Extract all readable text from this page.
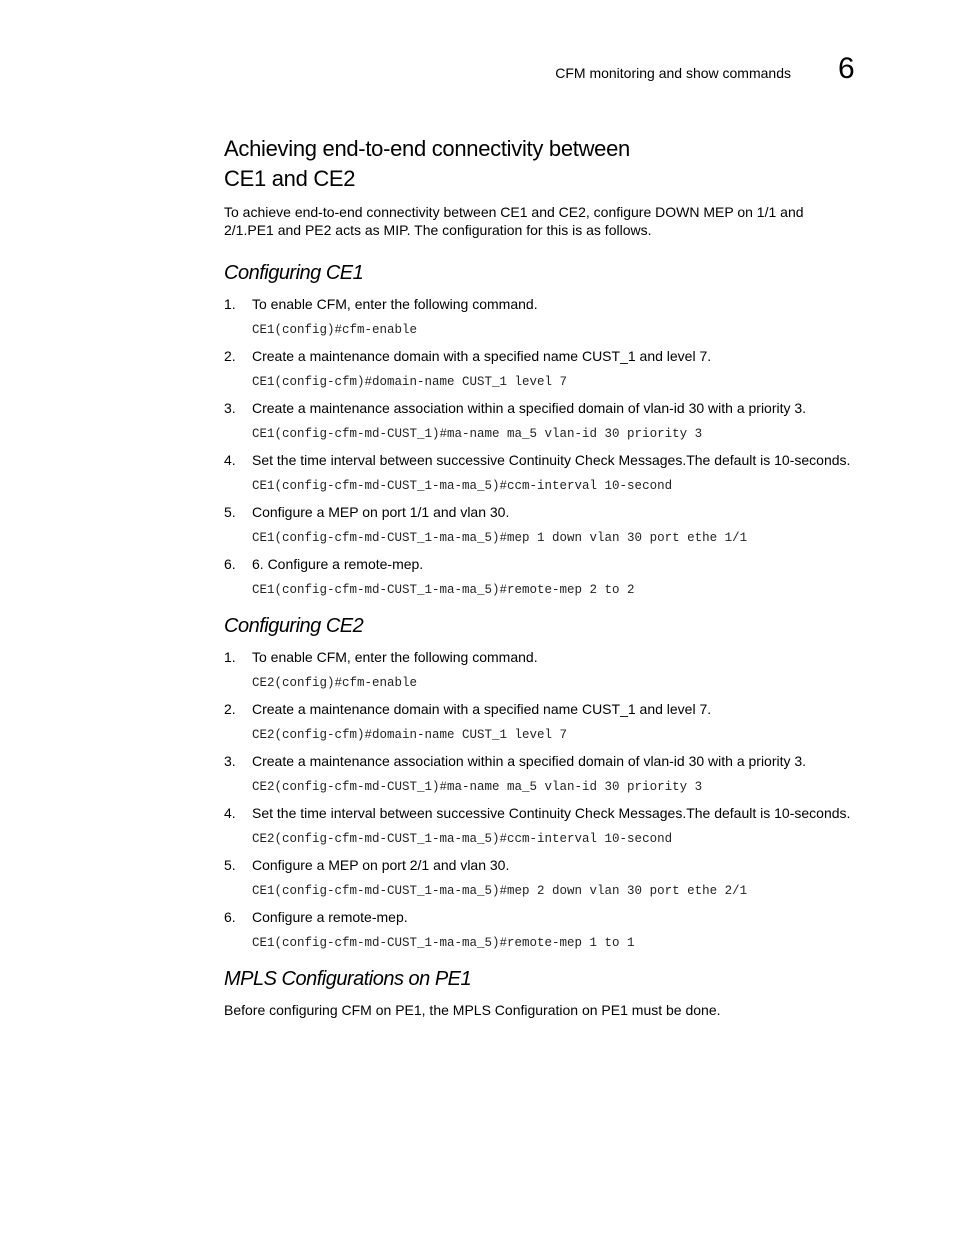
CFM monitoring and show commands 6
Achieving end-to-end connectivity between
CE1 and CE2

To achieve end-to-end connectivity between CE1 and CE2, configure DOWN MEP on 1/1 and 2/1.PE1 and PE2 acts as MIP. The configuration for this is as follows.

Configuring CE1
1. To enable CFM, enter the following command.
CE1(config)#cfm-enable
2. Create a maintenance domain with a specified name CUST_1 and level 7.
CE1(config-cfm)#domain-name CUST_1 level 7
3. Create a maintenance association within a specified domain of vlan-id 30 with a priority 3.
CE1(config-cfm-md-CUST_1)#ma-name ma_5 vlan-id 30 priority 3
4. Set the time interval between successive Continuity Check Messages.The default is 10-seconds.
CE1(config-cfm-md-CUST_1-ma-ma_5)#ccm-interval 10-second
5. Configure a MEP on port 1/1 and vlan 30.
CE1(config-cfm-md-CUST_1-ma-ma_5)#mep 1 down vlan 30 port ethe 1/1
6. 6. Configure a remote-mep.
CE1(config-cfm-md-CUST_1-ma-ma_5)#remote-mep 2 to 2
Configuring CE2
1. To enable CFM, enter the following command.
CE2(config)#cfm-enable
2. Create a maintenance domain with a specified name CUST_1 and level 7.
CE2(config-cfm)#domain-name CUST_1 level 7
3. Create a maintenance association within a specified domain of vlan-id 30 with a priority 3.
CE2(config-cfm-md-CUST_1)#ma-name ma_5 vlan-id 30 priority 3
4. Set the time interval between successive Continuity Check Messages.The default is 10-seconds.
CE2(config-cfm-md-CUST_1-ma-ma_5)#ccm-interval 10-second
5. Configure a MEP on port 2/1 and vlan 30.
CE1(config-cfm-md-CUST_1-ma-ma_5)#mep 2 down vlan 30 port ethe 2/1
6. Configure a remote-mep.
CE1(config-cfm-md-CUST_1-ma-ma_5)#remote-mep 1 to 1
MPLS Configurations on PE1

Before configuring CFM on PE1, the MPLS Configuration on PE1 must be done.
